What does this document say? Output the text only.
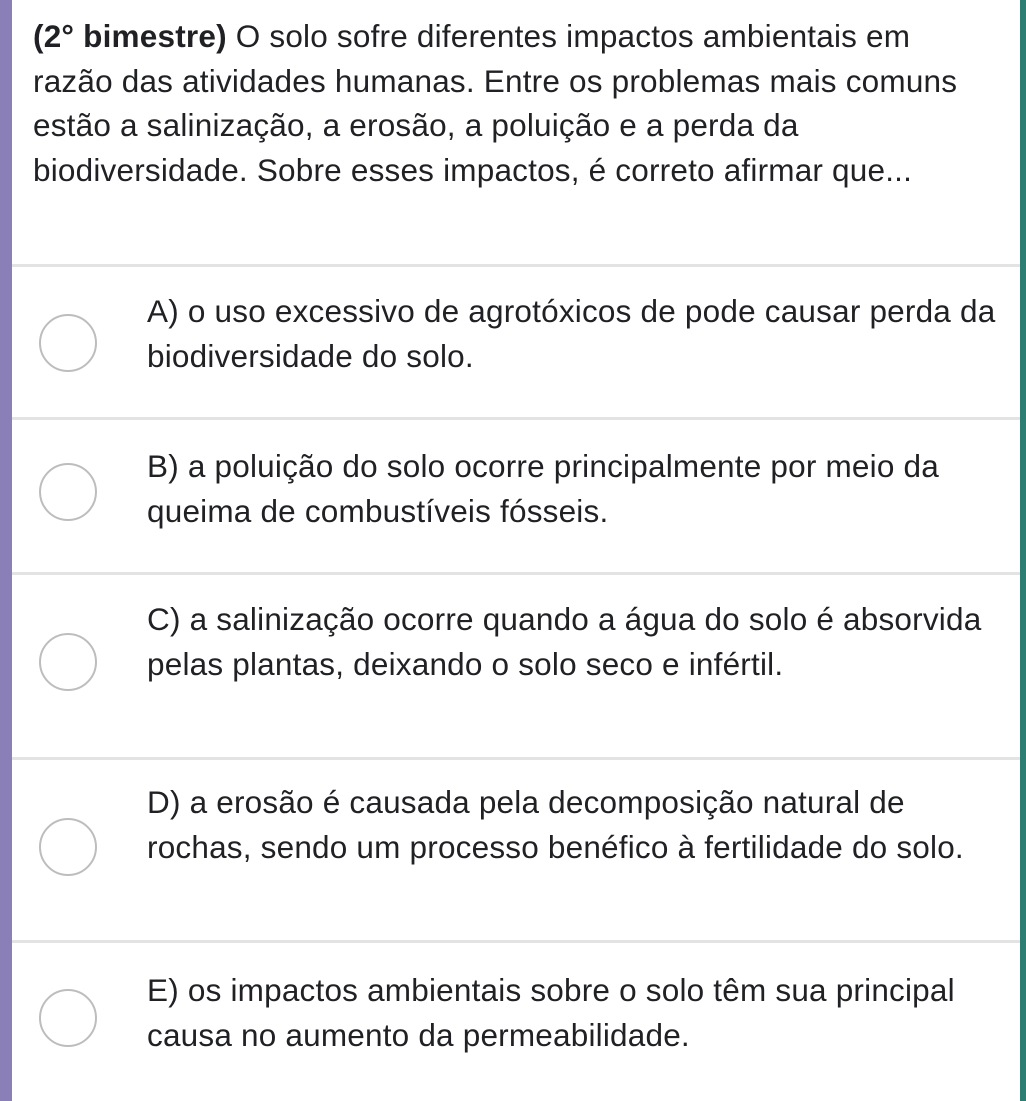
(2° bimestre) O solo sofre diferentes impactos ambientais em razão das atividades humanas. Entre os problemas mais comuns estão a salinização, a erosão, a poluição e a perda da biodiversidade. Sobre esses impactos, é correto afirmar que...

A) o uso excessivo de agrotóxicos de pode causar perda da biodiversidade do solo.

B) a poluição do solo ocorre principalmente por meio da queima de combustíveis fósseis.

C) a salinização ocorre quando a água do solo é absorvida pelas plantas, deixando o solo seco e infértil.

D) a erosão é causada pela decomposição natural de rochas, sendo um processo benéfico à fertilidade do solo.

E) os impactos ambientais sobre o solo têm sua principal causa no aumento da permeabilidade.
